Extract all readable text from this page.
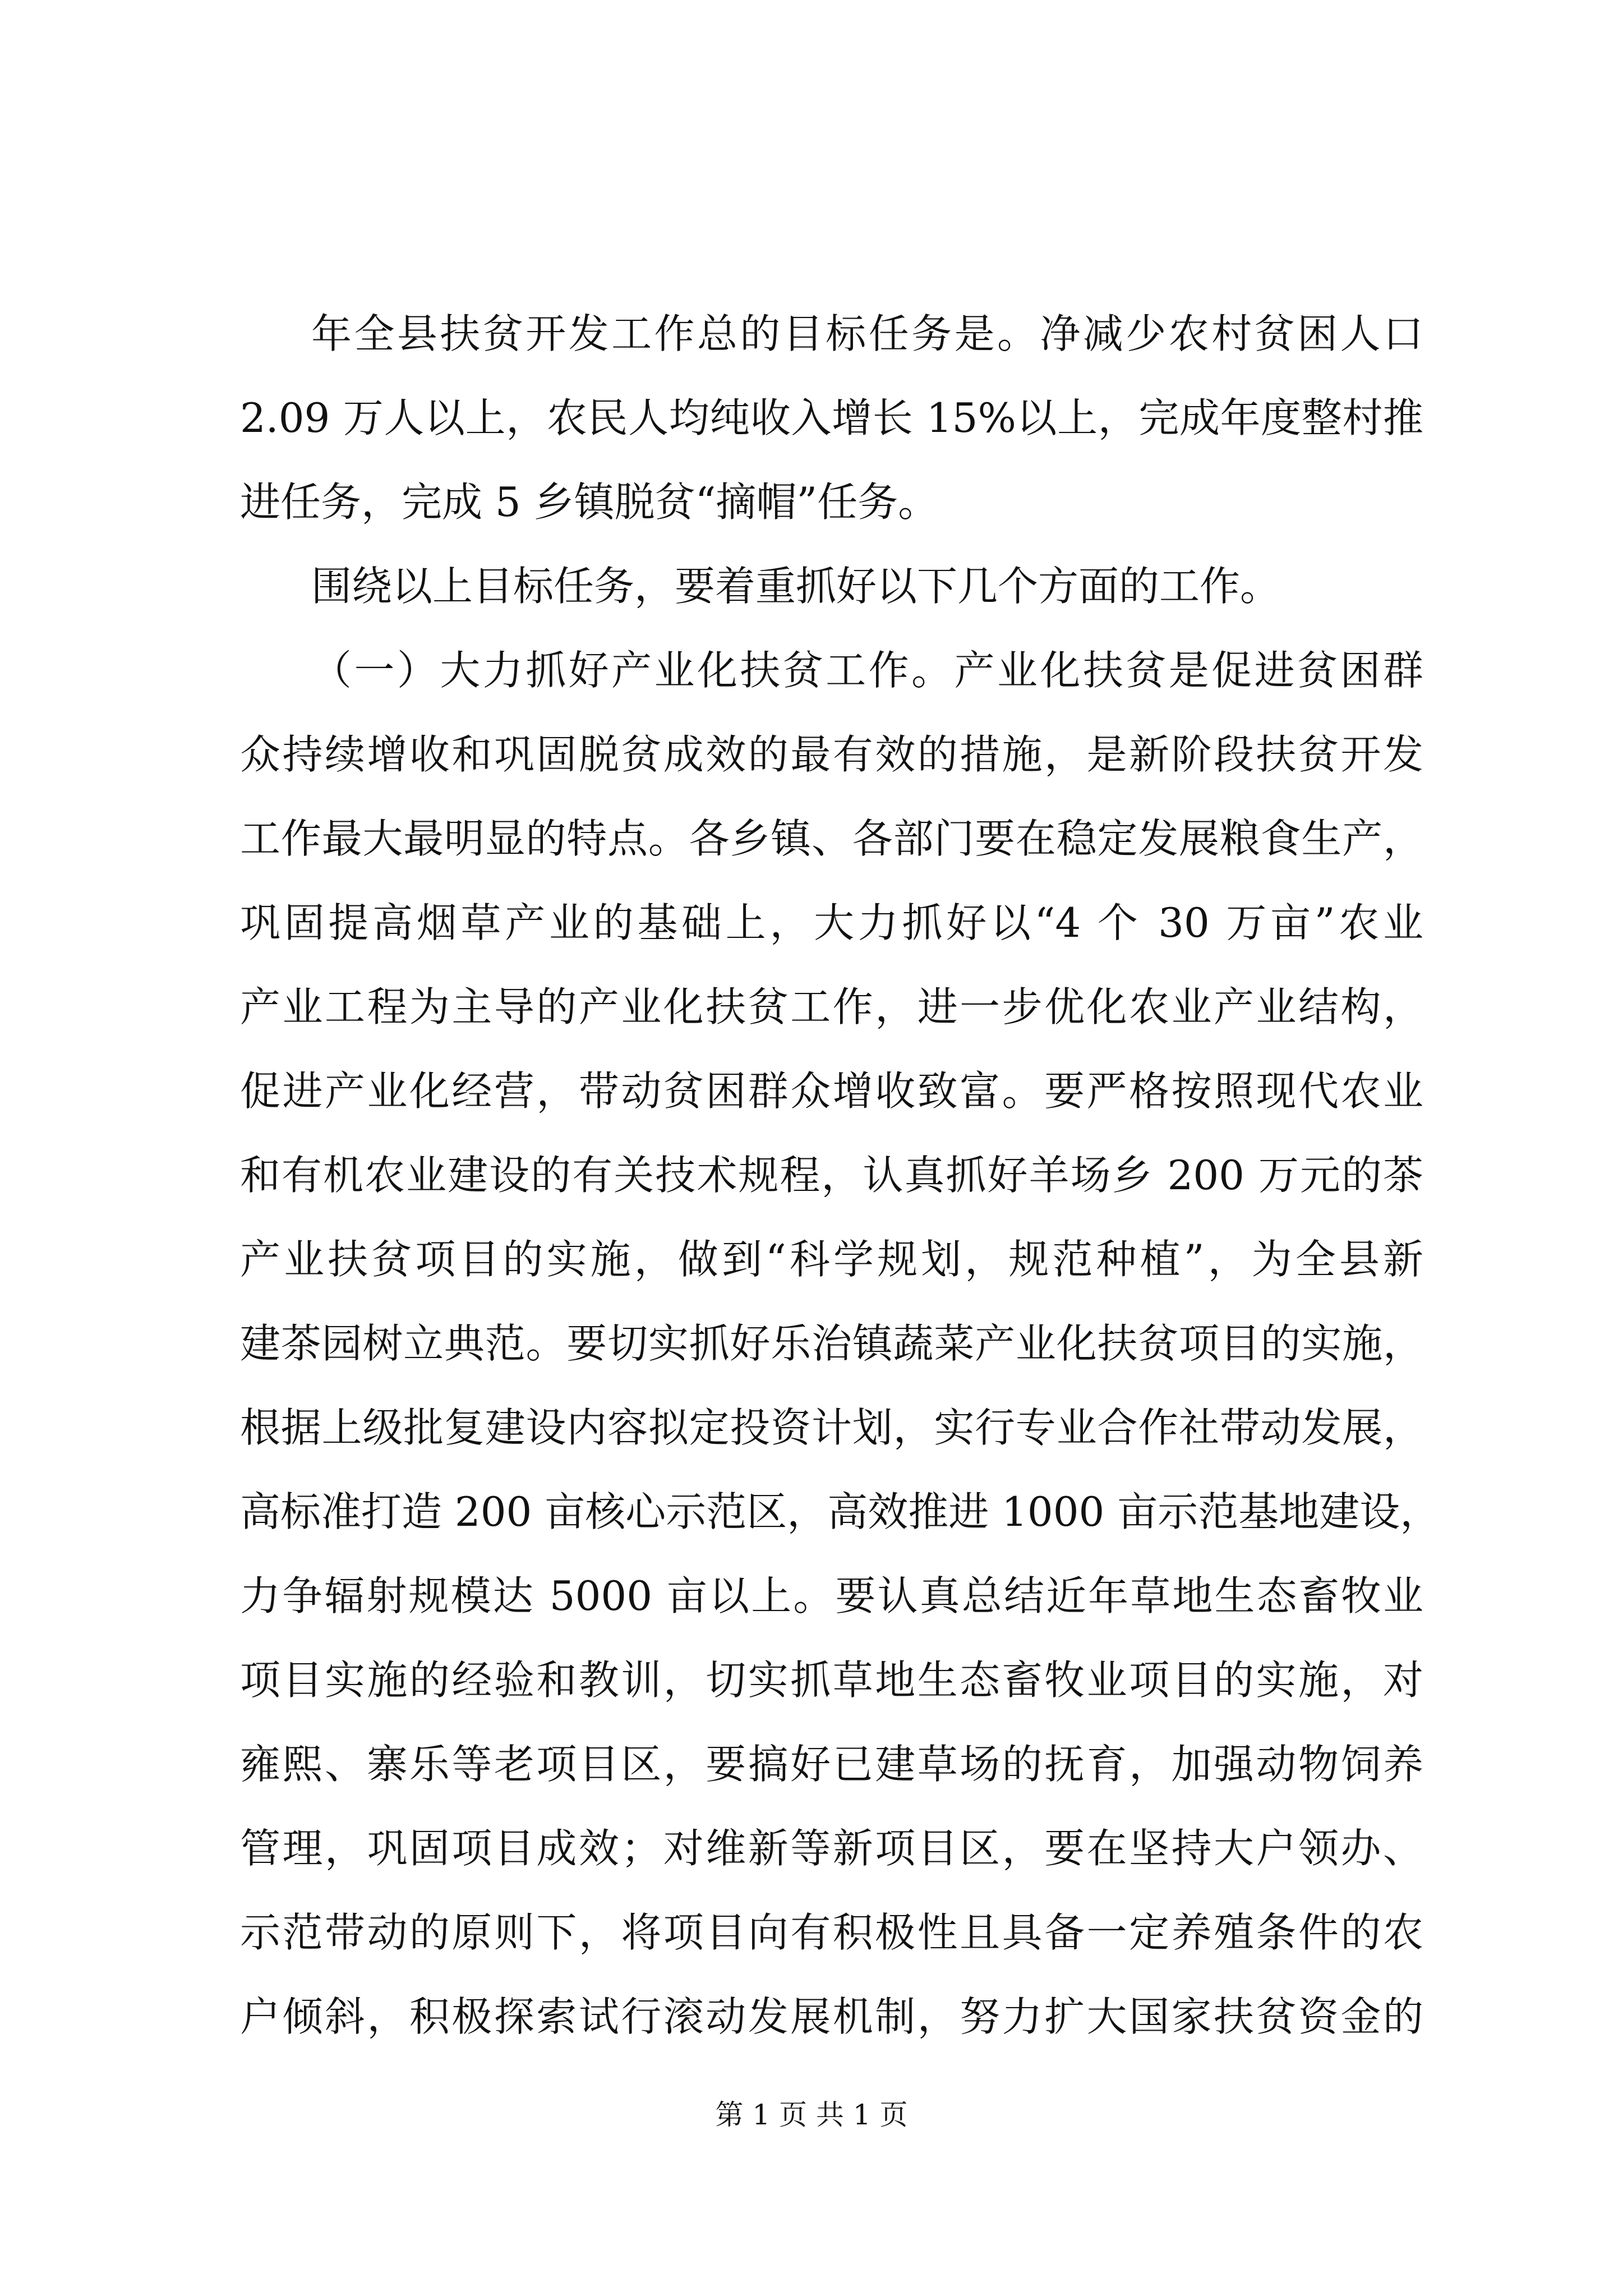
年全县扶贫开发工作总的目标任务是。净减少农村贫困人口
2.09 万人以上，农民人均纯收入增长 15%以上，完成年度整村推
进任务，完成 5 乡镇脱贫“摘帽”任务。
围绕以上目标任务，要着重抓好以下几个方面的工作。
（一）大力抓好产业化扶贫工作。产业化扶贫是促进贫困群
众持续增收和巩固脱贫成效的最有效的措施，是新阶段扶贫开发
工作最大最明显的特点。各乡镇、各部门要在稳定发展粮食生产，
巩固提高烟草产业的基础上，大力抓好以“4 个 30 万亩”农业
产业工程为主导的产业化扶贫工作，进一步优化农业产业结构，
促进产业化经营，带动贫困群众增收致富。要严格按照现代农业
和有机农业建设的有关技术规程，认真抓好羊场乡 200 万元的茶
产业扶贫项目的实施，做到“科学规划，规范种植”，为全县新
建茶园树立典范。要切实抓好乐治镇蔬菜产业化扶贫项目的实施，
根据上级批复建设内容拟定投资计划，实行专业合作社带动发展，
高标准打造 200 亩核心示范区，高效推进 1000 亩示范基地建设，
力争辐射规模达 5000 亩以上。要认真总结近年草地生态畜牧业
项目实施的经验和教训，切实抓草地生态畜牧业项目的实施，对
雍熙、寨乐等老项目区，要搞好已建草场的抚育，加强动物饲养
管理，巩固项目成效；对维新等新项目区，要在坚持大户领办、
示范带动的原则下，将项目向有积极性且具备一定养殖条件的农
户倾斜，积极探索试行滚动发展机制，努力扩大国家扶贫资金的
第 1 页 共 1 页
